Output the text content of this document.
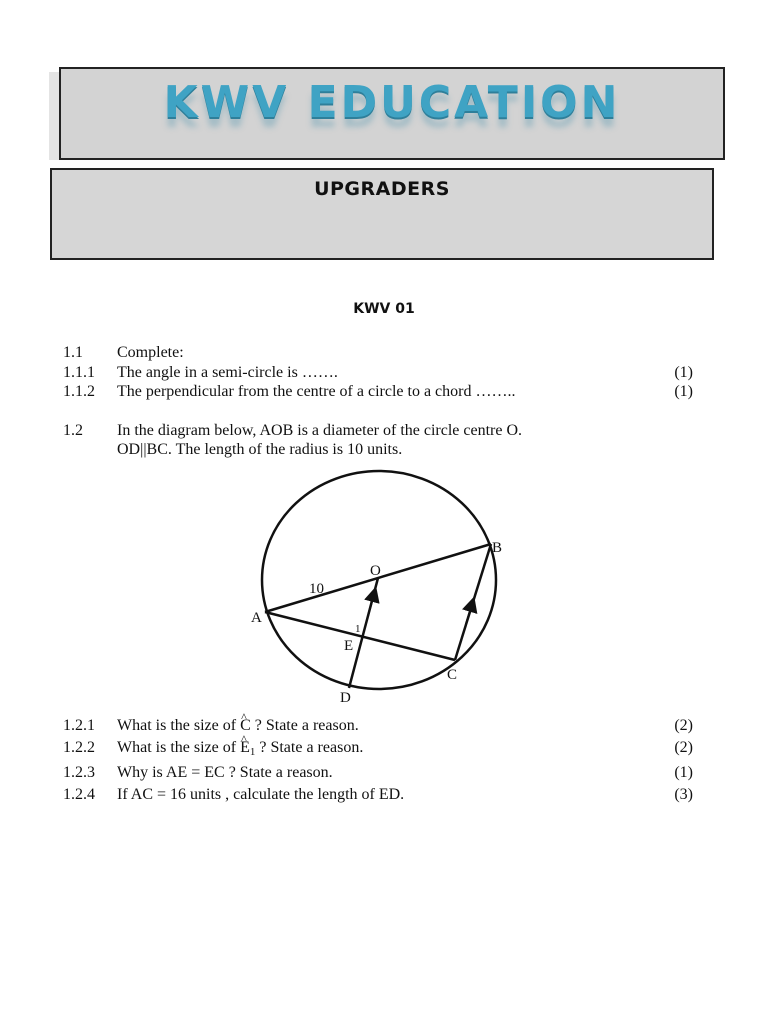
KWV EDUCATION
UPGRADERS
KWV 01
1.1 Complete:
1.1.1 The angle in a semi-circle is …….	(1)
1.1.2 The perpendicular from the centre of a circle to a chord ……..	(1)
1.2 In the diagram below, AOB is a diameter of the circle centre O.
OD||BC. The length of the radius is 10 units.
A
B
C
D
E
O
10
1
1.2.1 What is the size of ^ C ? State a reason.	(2)
1.2.2 What is the size of ^ E1 ? State a reason.	(2)
1.2.3 Why is AE = EC ? State a reason.	(1)
1.2.4 If AC = 16 units , calculate the length of ED.	(3)
